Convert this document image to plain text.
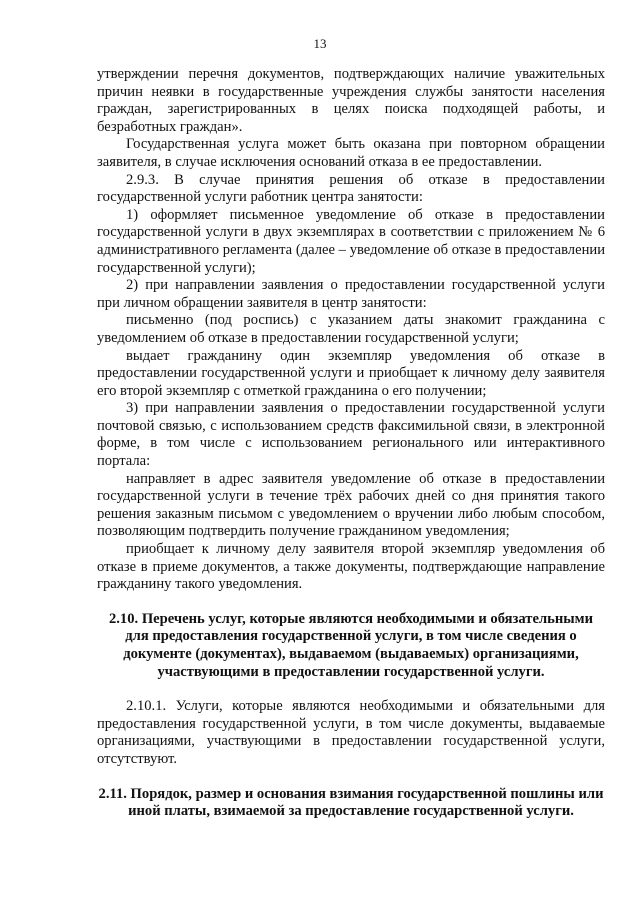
13

утверждении перечня документов, подтверждающих наличие уважительных причин неявки в государственные учреждения службы занятости населения граждан, зарегистрированных в целях поиска подходящей работы, и безработных граждан».

Государственная услуга может быть оказана при повторном обращении заявителя, в случае исключения оснований отказа в ее предоставлении.

2.9.3. В случае принятия решения об отказе в предоставлении государственной услуги работник центра занятости:

1) оформляет письменное уведомление об отказе в предоставлении государственной услуги в двух экземплярах в соответствии с приложением № 6 административного регламента (далее – уведомление об отказе в предоставлении государственной услуги);

2) при направлении заявления о предоставлении государственной услуги при личном обращении заявителя в центр занятости:

письменно (под роспись) с указанием даты знакомит гражданина с уведомлением об отказе в предоставлении государственной услуги;

выдает гражданину один экземпляр уведомления об отказе в предоставлении государственной услуги и приобщает к личному делу заявителя его второй экземпляр с отметкой гражданина о его получении;

3) при направлении заявления о предоставлении государственной услуги почтовой связью, с использованием средств факсимильной связи, в электронной форме, в том числе с использованием регионального или интерактивного портала:

направляет в адрес заявителя уведомление об отказе в предоставлении государственной услуги в течение трёх рабочих дней со дня принятия такого решения заказным письмом с уведомлением о вручении либо любым способом, позволяющим подтвердить получение гражданином уведомления;

приобщает к личному делу заявителя второй экземпляр уведомления об отказе в приеме документов, а также документы, подтверждающие направление гражданину такого уведомления.

2.10. Перечень услуг, которые являются необходимыми и обязательными для предоставления государственной услуги, в том числе сведения о документе (документах), выдаваемом (выдаваемых) организациями, участвующими в предоставлении государственной услуги.

2.10.1. Услуги, которые являются необходимыми и обязательными для предоставления государственной услуги, в том числе документы, выдаваемые организациями, участвующими в предоставлении государственной услуги, отсутствуют.

2.11. Порядок, размер и основания взимания государственной пошлины или иной платы, взимаемой за предоставление государственной услуги.
